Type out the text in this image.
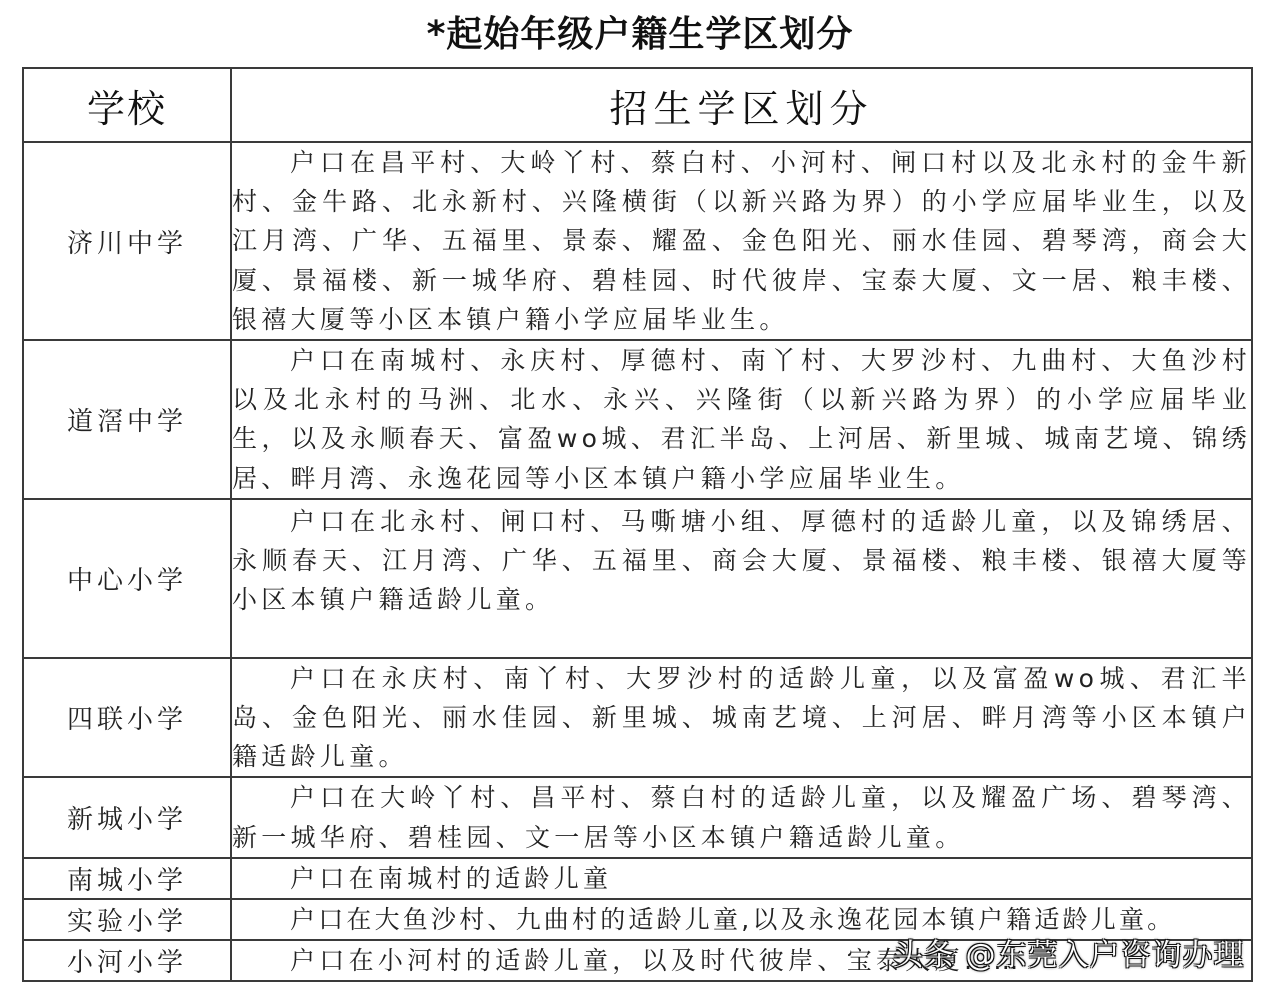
*起始年级户籍生学区划分
学校	招生学区划分
济川中学	户口在昌平村、大岭丫村、蔡白村、小河村、闸口村以及北永村的金牛新村、金牛路、北永新村、兴隆横街（以新兴路为界）的小学应届毕业生，以及江月湾、广华、五福里、景泰、耀盈、金色阳光、丽水佳园、碧琴湾，商会大厦、景福楼、新一城华府、碧桂园、时代彼岸、宝泰大厦、文一居、粮丰楼、银禧大厦等小区本镇户籍小学应届毕业生。
道滘中学	户口在南城村、永庆村、厚德村、南丫村、大罗沙村、九曲村、大鱼沙村以及北永村的马洲、北水、永兴、兴隆街（以新兴路为界）的小学应届毕业生，以及永顺春天、富盈wo城、君汇半岛、上河居、新里城、城南艺境、锦绣居、畔月湾、永逸花园等小区本镇户籍小学应届毕业生。
中心小学	户口在北永村、闸口村、马嘶塘小组、厚德村的适龄儿童，以及锦绣居、永顺春天、江月湾、广华、五福里、商会大厦、景福楼、粮丰楼、银禧大厦等小区本镇户籍适龄儿童。
四联小学	户口在永庆村、南丫村、大罗沙村的适龄儿童，以及富盈wo城、君汇半岛、金色阳光、丽水佳园、新里城、城南艺境、上河居、畔月湾等小区本镇户籍适龄儿童。
新城小学	户口在大岭丫村、昌平村、蔡白村的适龄儿童，以及耀盈广场、碧琴湾、新一城华府、碧桂园、文一居等小区本镇户籍适龄儿童。
南城小学	户口在南城村的适龄儿童
实验小学	户口在大鱼沙村、九曲村的适龄儿童,以及永逸花园本镇户籍适龄儿童。
小河小学	户口在小河村的适龄儿童，以及时代彼岸、宝泰大厦……
头条 @东莞入户咨询办理
